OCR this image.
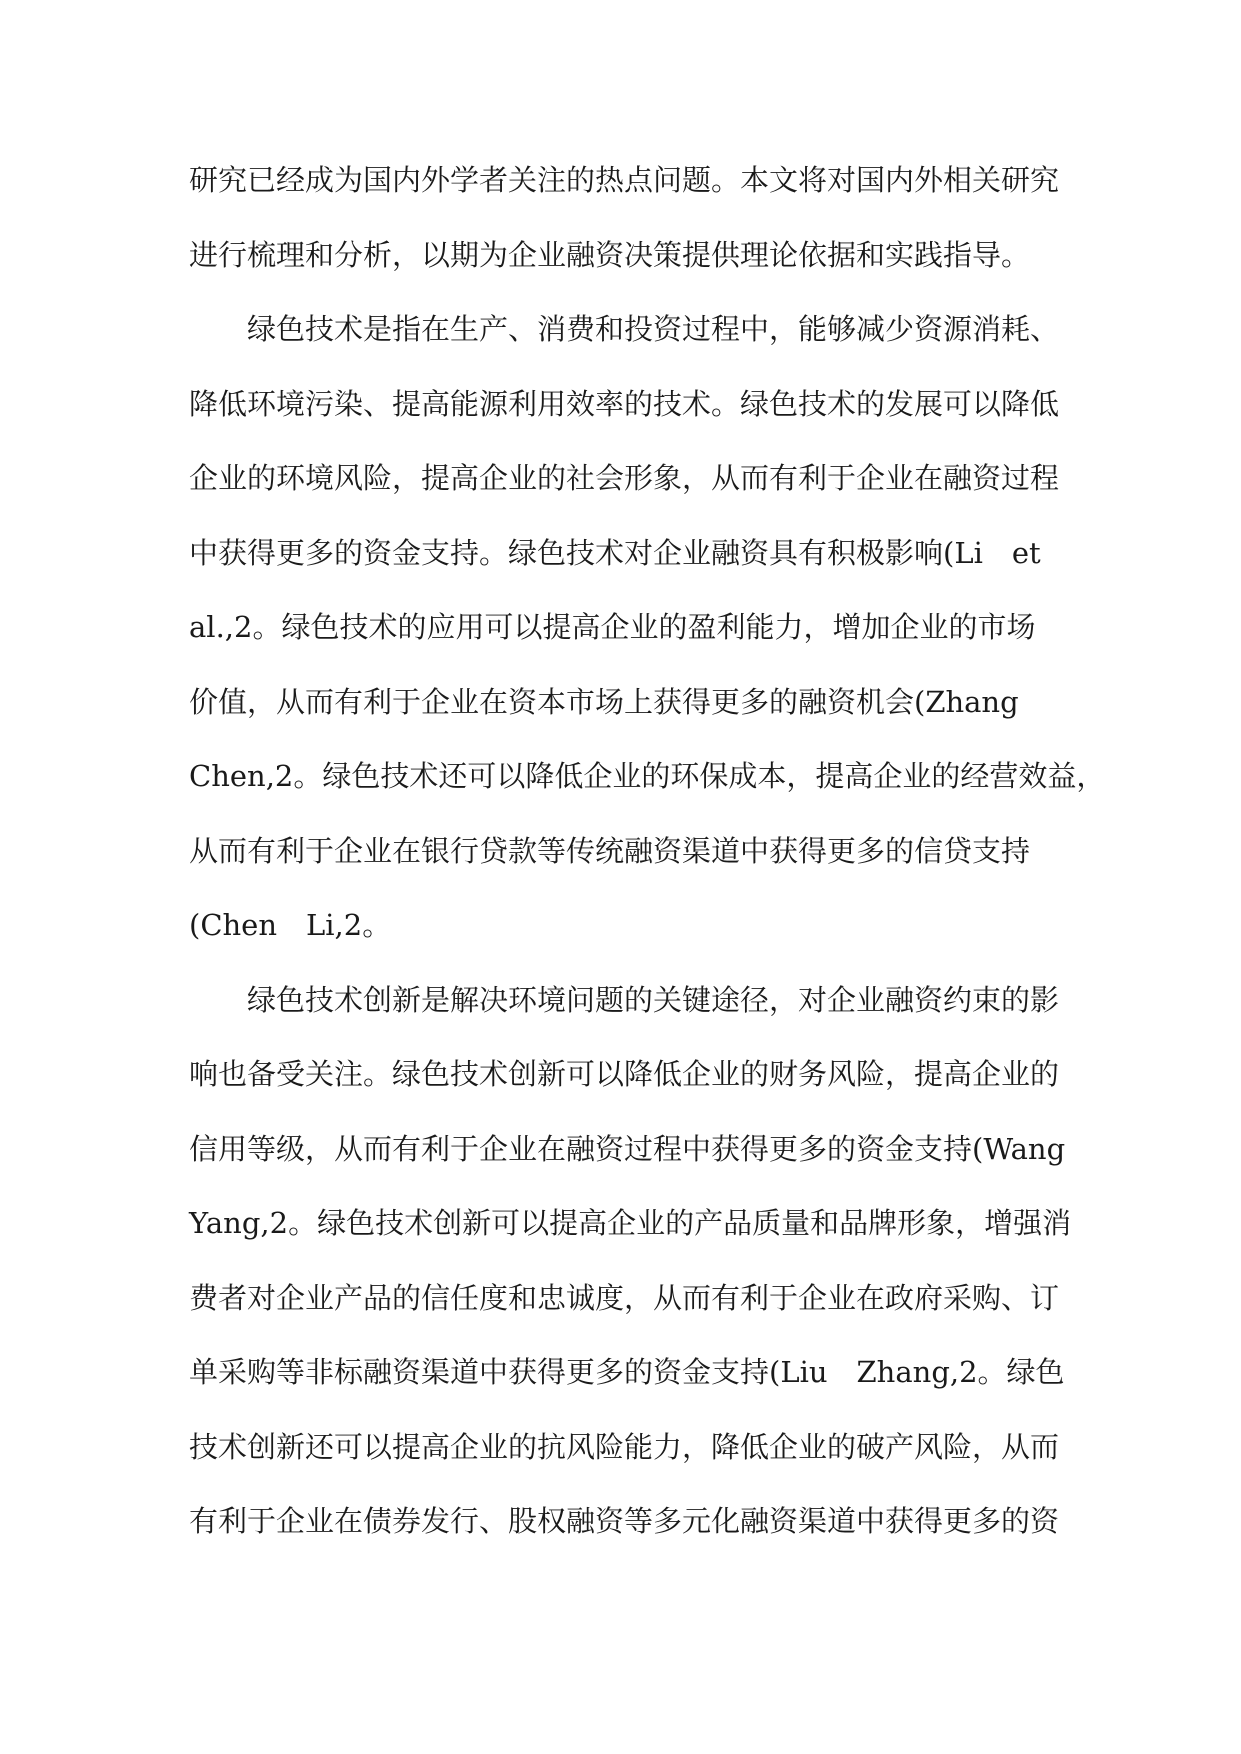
研究已经成为国内外学者关注的热点问题。本文将对国内外相关研究
进行梳理和分析，以期为企业融资决策提供理论依据和实践指导。
　　绿色技术是指在生产、消费和投资过程中，能够减少资源消耗、
降低环境污染、提高能源利用效率的技术。绿色技术的发展可以降低
企业的环境风险，提高企业的社会形象，从而有利于企业在融资过程
中获得更多的资金支持。绿色技术对企业融资具有积极影响(Li　et
al.,2。绿色技术的应用可以提高企业的盈利能力，增加企业的市场
价值，从而有利于企业在资本市场上获得更多的融资机会(Zhang
Chen,2。绿色技术还可以降低企业的环保成本，提高企业的经营效益，
从而有利于企业在银行贷款等传统融资渠道中获得更多的信贷支持
(Chen　Li,2。
　　绿色技术创新是解决环境问题的关键途径，对企业融资约束的影
响也备受关注。绿色技术创新可以降低企业的财务风险，提高企业的
信用等级，从而有利于企业在融资过程中获得更多的资金支持(Wang
Yang,2。绿色技术创新可以提高企业的产品质量和品牌形象，增强消
费者对企业产品的信任度和忠诚度，从而有利于企业在政府采购、订
单采购等非标融资渠道中获得更多的资金支持(Liu　Zhang,2。绿色
技术创新还可以提高企业的抗风险能力，降低企业的破产风险，从而
有利于企业在债券发行、股权融资等多元化融资渠道中获得更多的资
